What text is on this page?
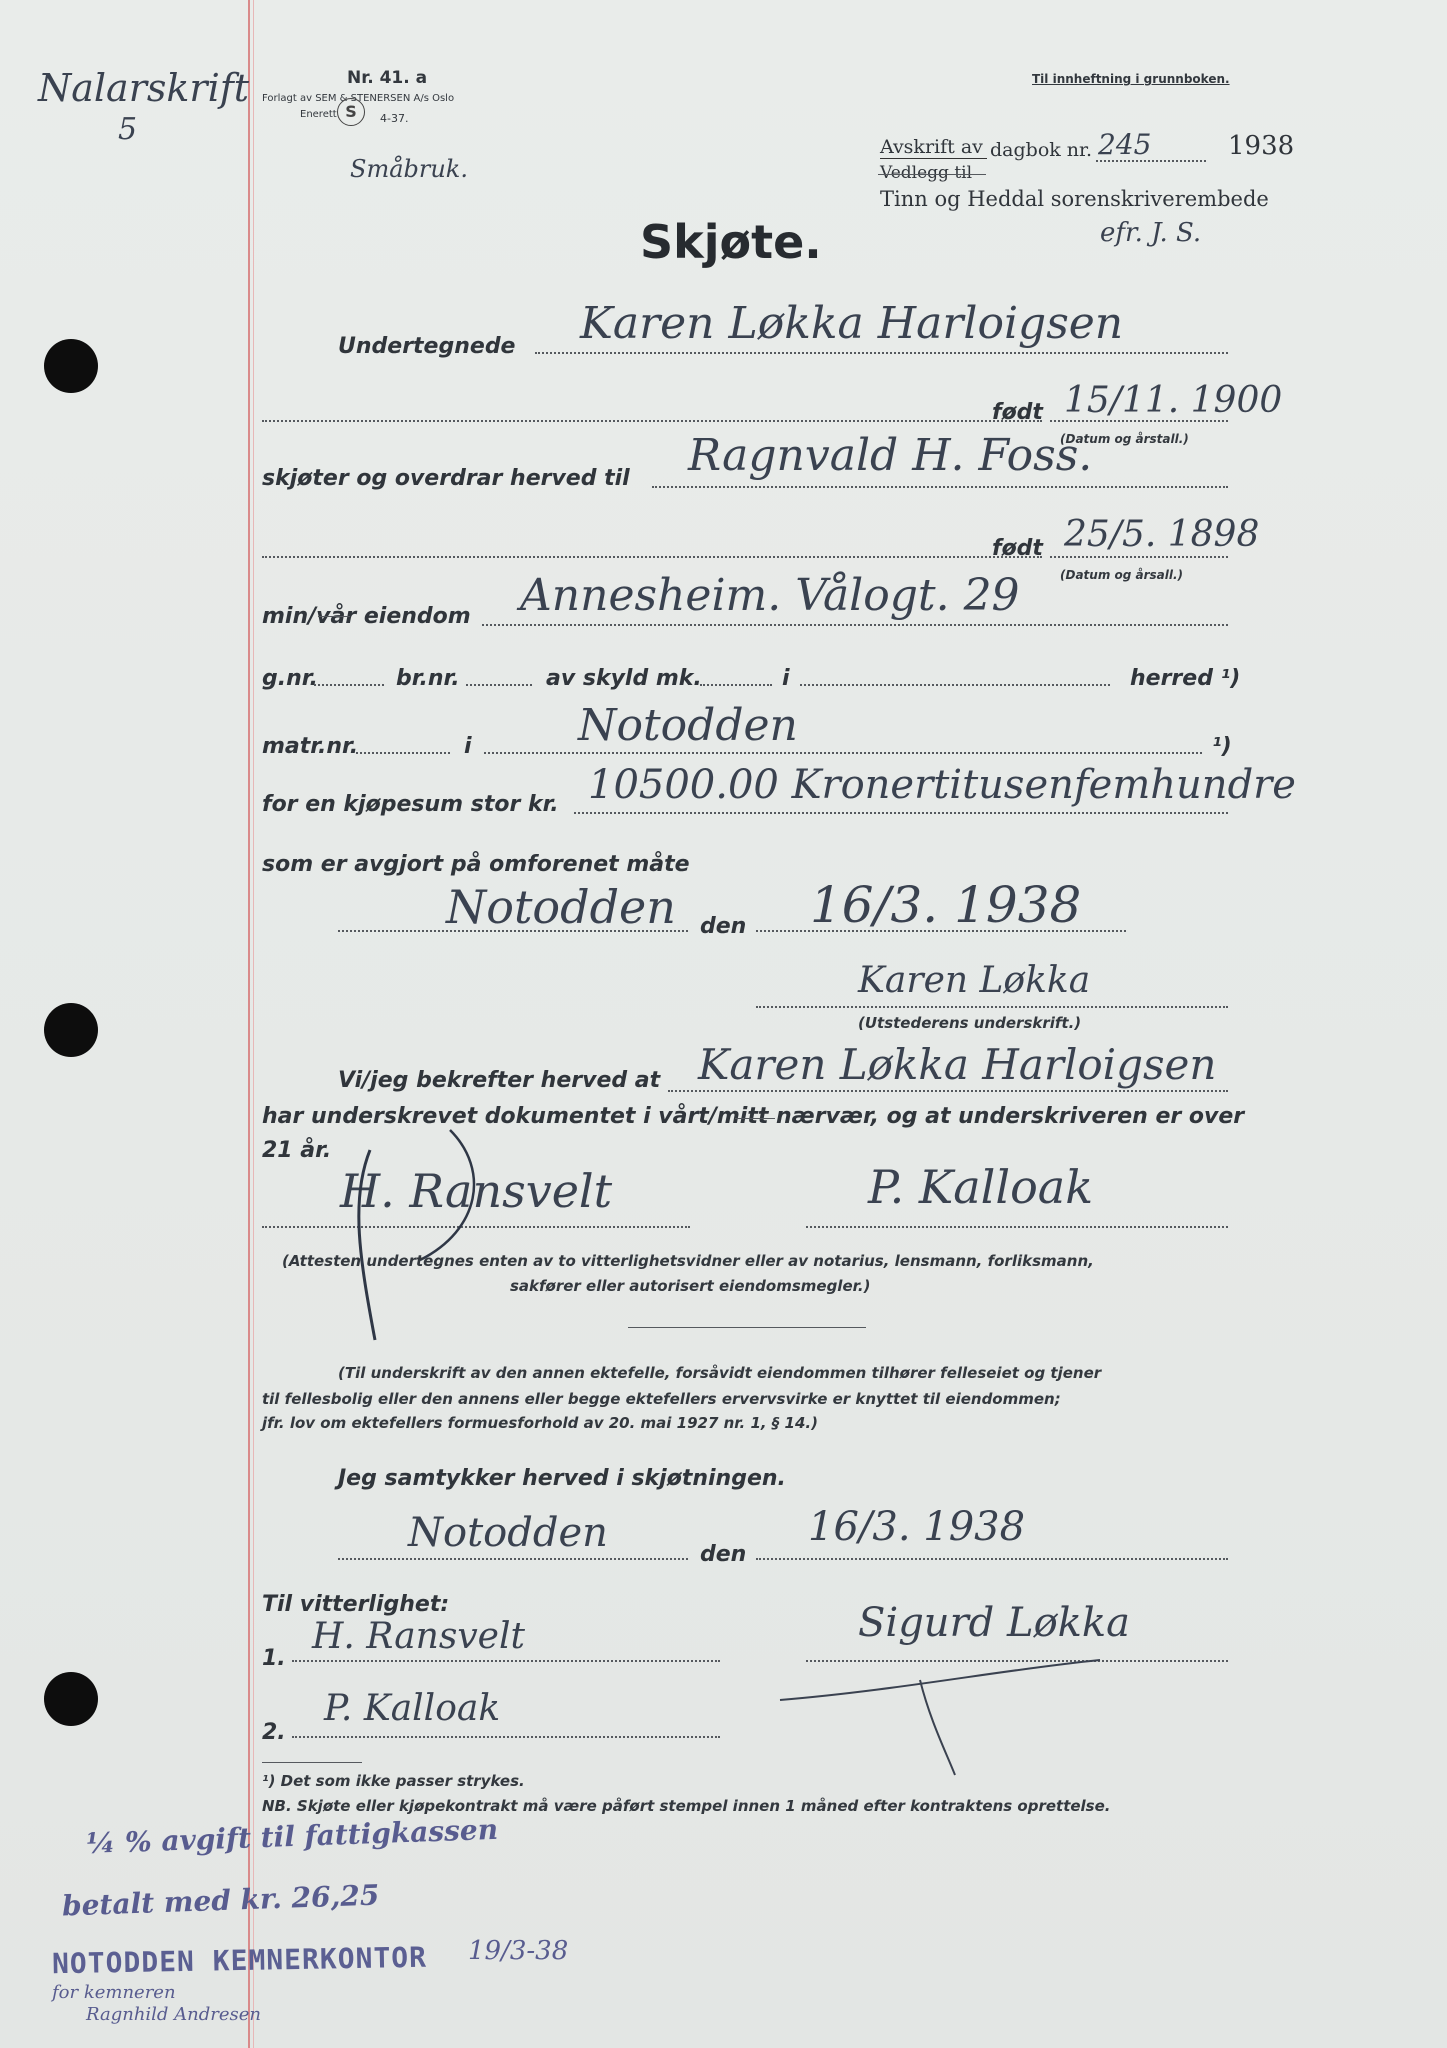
Nalarskrift
5
Nr. 41. a
Forlagt av SEM & STENERSEN A/s Oslo
Enerett S	4-37.
Til innheftning i grunnboken.
Avskrift av
Vedlegg til
dagbok nr. 245	1938
Tinn og Heddal sorenskriverembede
efr. J. S.
Småbruk.
Skjøte.
Undertegnede Karen Løkka Harloigsen
født 15/11. 1900
(Datum og årstall.)
skjøter og overdrar herved til Ragnvald H. Foss.
født 25/5. 1898
(Datum og årsall.)
min/vår eiendom Annesheim. Vålogt. 29
g.nr.	br.nr.	av skyld mk.	i	herred ¹)
matr.nr.	i Notodden	¹)
for en kjøpesum stor kr. 10500.00 Kronertitusenfemhundre
som er avgjort på omforenet måte
Notodden den 16/3. 1938
Karen Løkka
(Utstederens underskrift.)
Vi/jeg bekrefter herved at Karen Løkka Harloigsen
har underskrevet dokumentet i vårt/mitt nærvær, og at underskriveren er over
21 år.
H. Ransvelt	P. Kalloak
(Attesten undertegnes enten av to vitterlighetsvidner eller av notarius, lensmann, forliksmann,
sakfører eller autorisert eiendomsmegler.)
(Til underskrift av den annen ektefelle, forsåvidt eiendommen tilhører felleseiet og tjener
til fellesbolig eller den annens eller begge ektefellers ervervsvirke er knyttet til eiendommen;
jfr. lov om ektefellers formuesforhold av 20. mai 1927 nr. 1, § 14.)
Jeg samtykker herved i skjøtningen.
Notodden	den
16/3. 1938
Til vitterlighet:
1.
H. Ransvelt	Sigurd Løkka
2.
P. Kalloak
¹) Det som ikke passer strykes.
NB. Skjøte eller kjøpekontrakt må være påført stempel innen 1 måned efter kontraktens oprettelse.
¼ % avgift til fattigkassen
betalt med kr. 26,25
NOTODDEN KEMNERKONTOR 19/3-38
for kemneren
Ragnhild Andresen
